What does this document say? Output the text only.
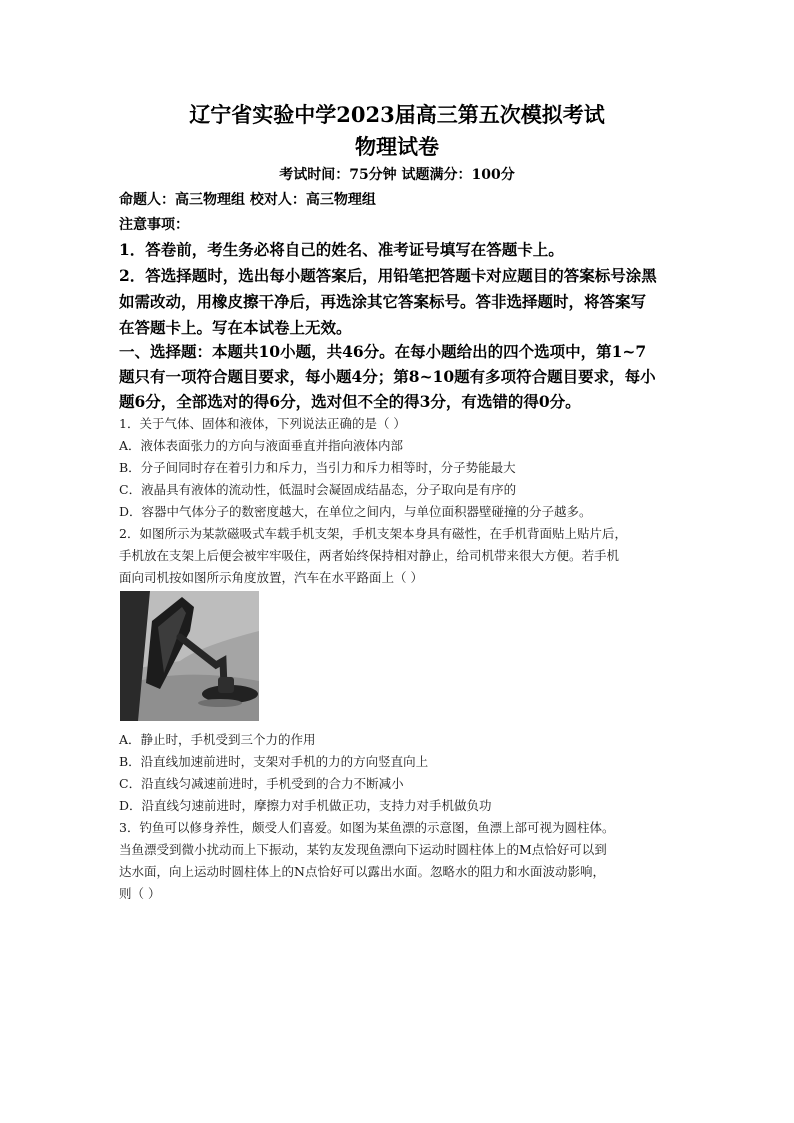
辽宁省实验中学2023届高三第五次模拟考试
物理试卷
考试时间：75分钟 试题满分：100分
命题人：高三物理组 校对人：高三物理组
注意事项：
1．答卷前，考生务必将自己的姓名、准考证号填写在答题卡上。
2．答选择题时，选出每小题答案后，用铅笔把答题卡对应题目的答案标号涂黑
如需改动，用橡皮擦干净后，再选涂其它答案标号。答非选择题时，将答案写
在答题卡上。写在本试卷上无效。
一、选择题：本题共10小题，共46分。在每小题给出的四个选项中，第1~7
题只有一项符合题目要求，每小题4分；第8~10题有多项符合题目要求，每小
题6分，全部选对的得6分，选对但不全的得3分，有选错的得0分。
1．关于气体、固体和液体，下列说法正确的是（ ）
A．液体表面张力的方向与液面垂直并指向液体内部
B．分子间同时存在着引力和斥力，当引力和斥力相等时，分子势能最大
C．液晶具有液体的流动性，低温时会凝固成结晶态，分子取向是有序的
D．容器中气体分子的数密度越大，在单位之间内，与单位面积器壁碰撞的分子越多。
2．如图所示为某款磁吸式车载手机支架，手机支架本身具有磁性，在手机背面贴上贴片后，
手机放在支架上后便会被牢牢吸住，两者始终保持相对静止，给司机带来很大方便。若手机
面向司机按如图所示角度放置，汽车在水平路面上（ ）
A．静止时，手机受到三个力的作用
B．沿直线加速前进时，支架对手机的力的方向竖直向上
C．沿直线匀减速前进时，手机受到的合力不断减小
D．沿直线匀速前进时，摩擦力对手机做正功，支持力对手机做负功
3．钓鱼可以修身养性，颇受人们喜爱。如图为某鱼漂的示意图，鱼漂上部可视为圆柱体。
当鱼漂受到微小扰动而上下振动，某钓友发现鱼漂向下运动时圆柱体上的M点恰好可以到
达水面，向上运动时圆柱体上的N点恰好可以露出水面。忽略水的阻力和水面波动影响，
则（ ）
